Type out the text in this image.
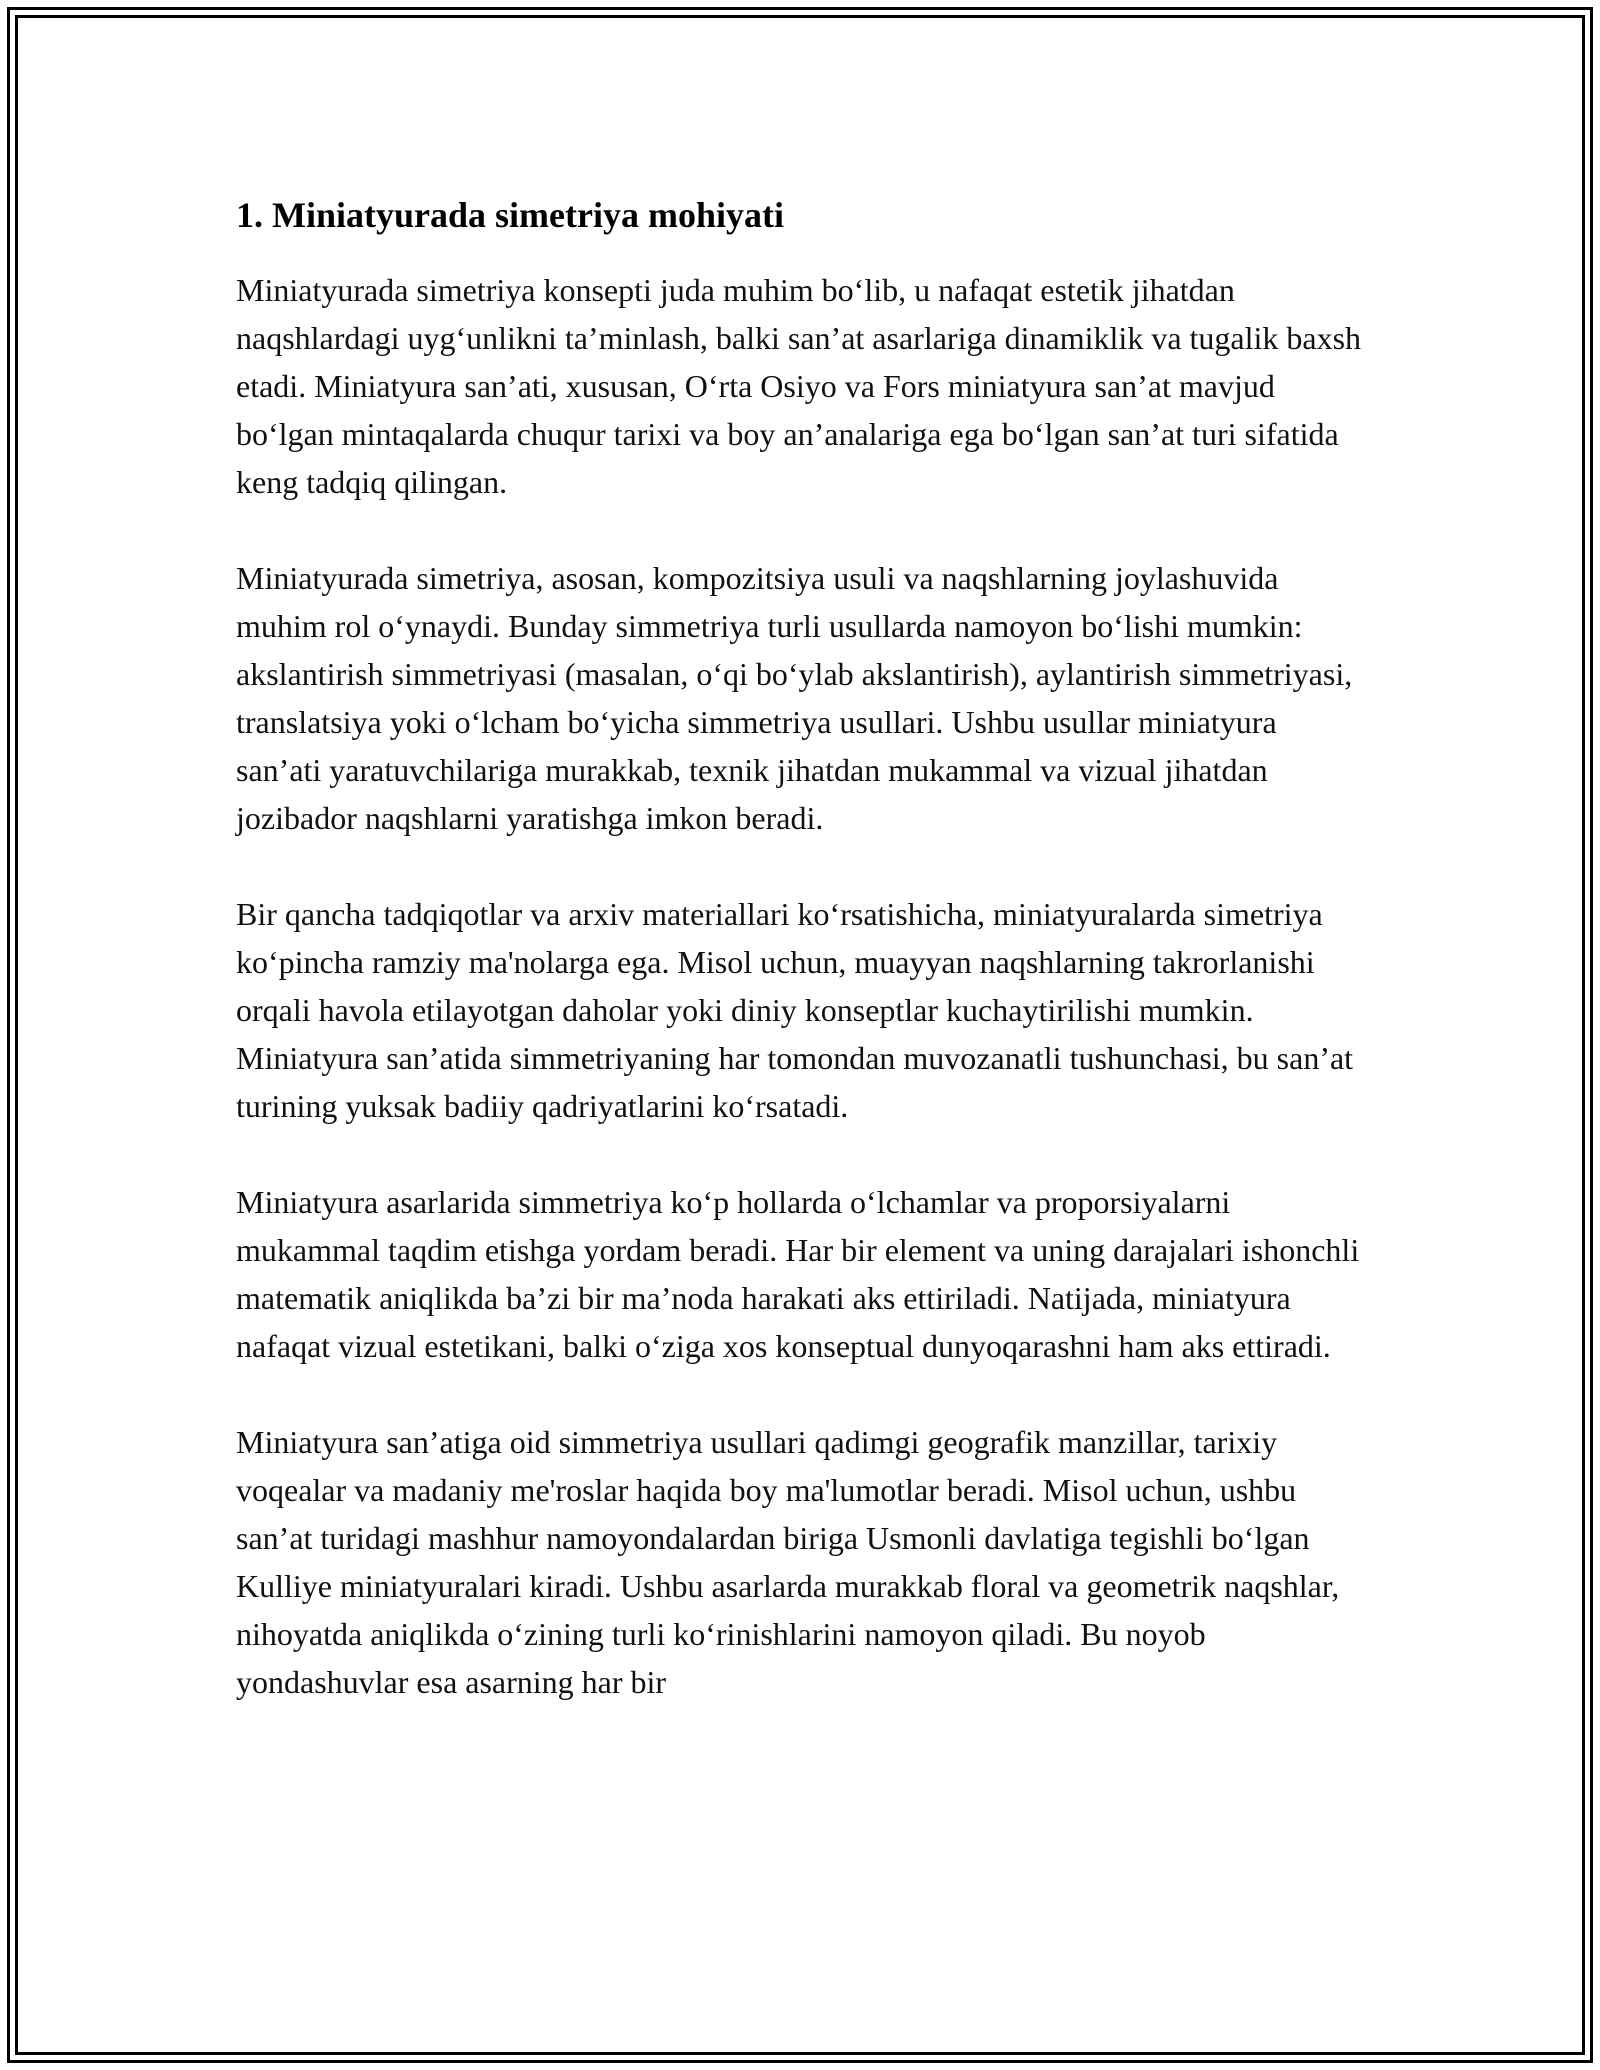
1. Miniatyurada simetriya mohiyati

Miniatyurada simetriya konsepti juda muhim bo‘lib, u nafaqat estetik jihatdan naqshlardagi uyg‘unlikni ta’minlash, balki san’at asarlariga dinamiklik va tugalik baxsh etadi. Miniatyura san’ati, xususan, O‘rta Osiyo va Fors miniatyura san’at mavjud bo‘lgan mintaqalarda chuqur tarixi va boy an’analariga ega bo‘lgan san’at turi sifatida keng tadqiq qilingan.

Miniatyurada simetriya, asosan, kompozitsiya usuli va naqshlarning joylashuvida muhim rol o‘ynaydi. Bunday simmetriya turli usullarda namoyon bo‘lishi mumkin: akslantirish simmetriyasi (masalan, o‘qi bo‘ylab akslantirish), aylantirish simmetriyasi, translatsiya yoki o‘lcham bo‘yicha simmetriya usullari. Ushbu usullar miniatyura san’ati yaratuvchilariga murakkab, texnik jihatdan mukammal va vizual jihatdan jozibador naqshlarni yaratishga imkon beradi.

Bir qancha tadqiqotlar va arxiv materiallari ko‘rsatishicha, miniatyuralarda simetriya ko‘pincha ramziy ma'nolarga ega. Misol uchun, muayyan naqshlarning takrorlanishi orqali havola etilayotgan daholar yoki diniy konseptlar kuchaytirilishi mumkin. Miniatyura san’atida simmetriyaning har tomondan muvozanatli tushunchasi, bu san’at turining yuksak badiiy qadriyatlarini ko‘rsatadi.

Miniatyura asarlarida simmetriya ko‘p hollarda o‘lchamlar va proporsiyalarni mukammal taqdim etishga yordam beradi. Har bir element va uning darajalari ishonchli matematik aniqlikda ba’zi bir ma’noda harakati aks ettiriladi. Natijada, miniatyura nafaqat vizual estetikani, balki o‘ziga xos konseptual dunyoqarashni ham aks ettiradi.

Miniatyura san’atiga oid simmetriya usullari qadimgi geografik manzillar, tarixiy voqealar va madaniy me'roslar haqida boy ma'lumotlar beradi. Misol uchun, ushbu san’at turidagi mashhur namoyondalardan biriga Usmonli davlatiga tegishli bo‘lgan Kulliye miniatyuralari kiradi. Ushbu asarlarda murakkab floral va geometrik naqshlar, nihoyatda aniqlikda o‘zining turli ko‘rinishlarini namoyon qiladi. Bu noyob yondashuvlar esa asarning har bir
